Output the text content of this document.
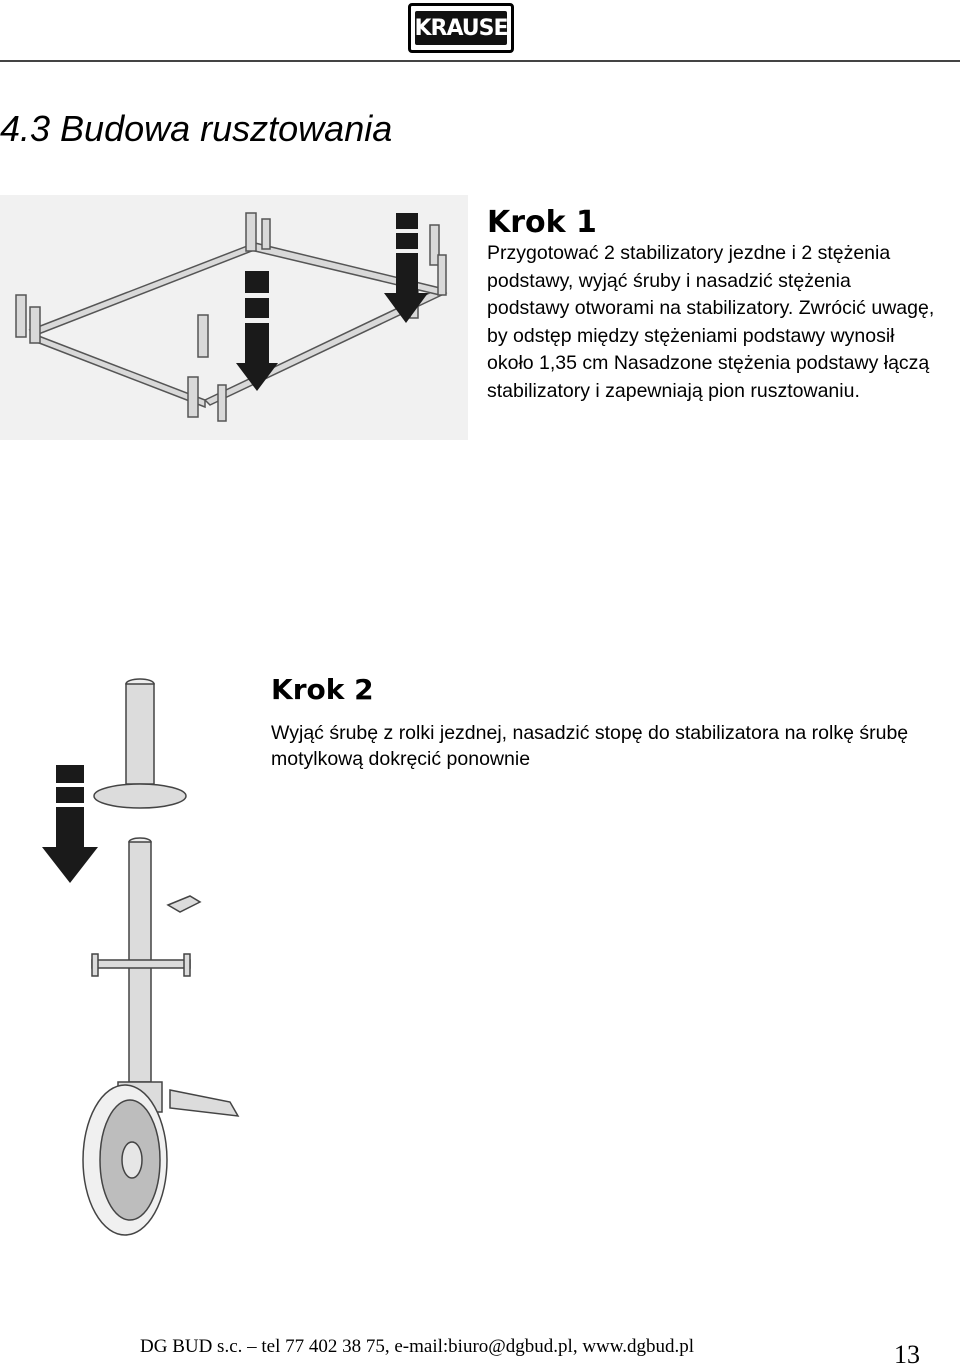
KRAUSE
4.3 Budowa rusztowania
Krok 1

Przygotować 2 stabilizatory jezdne i 2 stężenia podstawy, wyjąć śruby i nasadzić stężenia podstawy otworami na stabilizatory. Zwrócić uwagę, by odstęp między stężeniami podstawy wynosił około 1,35 cm Nasadzone stężenia podstawy łączą stabilizatory i zapewniają pion rusztowaniu.

Krok 2

Wyjąć śrubę z rolki jezdnej, nasadzić stopę do stabilizatora na rolkę śrubę motylkową dokręcić ponownie

DG BUD s.c. – tel 77 402 38 75, e-mail:biuro@dgbud.pl, www.dgbud.pl	13
